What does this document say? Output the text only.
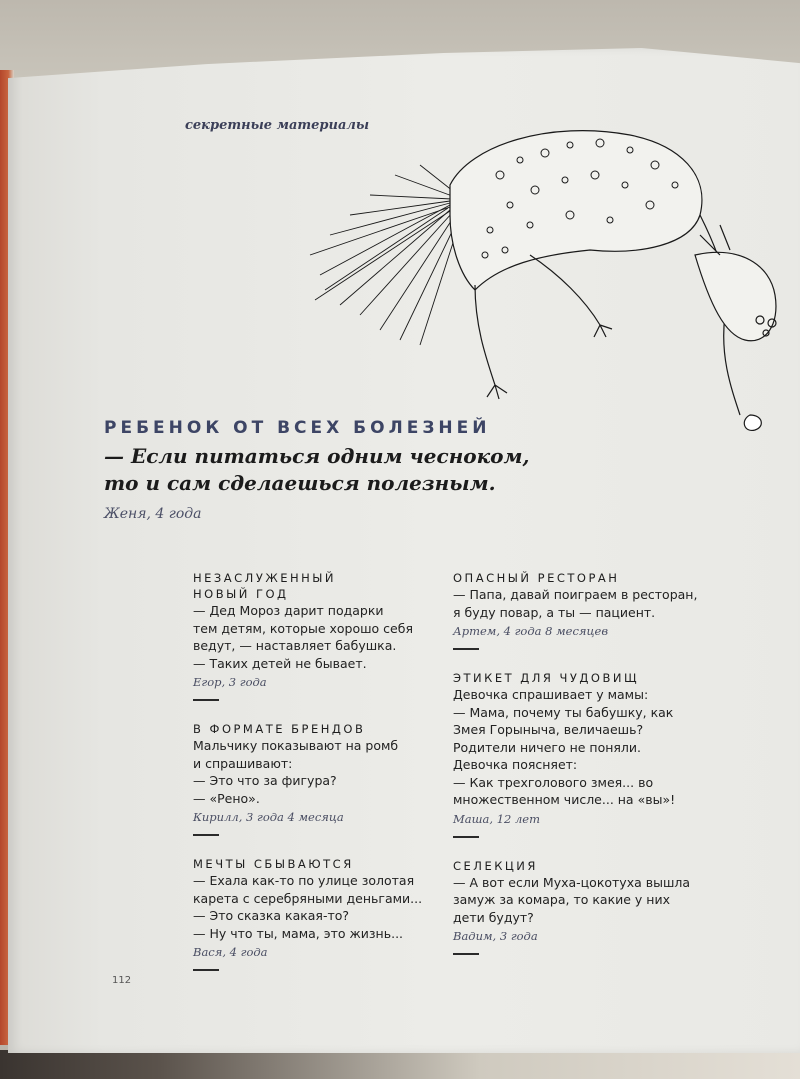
секретные материалы
РЕБЕНОК ОТ ВСЕХ БОЛЕЗНЕЙ
— Если питаться одним чесноком,
то и сам сделаешься полезным.
Женя, 4 года
НЕЗАСЛУЖЕННЫЙ
НОВЫЙ ГОД
— Дед Мороз дарит подарки
тем детям, которые хорошо себя
ведут, — наставляет бабушка.
— Таких детей не бывает.
Егор, 3 года
В ФОРМАТЕ БРЕНДОВ
Мальчику показывают на ромб
и спрашивают:
— Это что за фигура?
— «Рено».
Кирилл, 3 года 4 месяца
МЕЧТЫ СБЫВАЮТСЯ
— Ехала как-то по улице золотая
карета с серебряными деньгами...
— Это сказка какая-то?
— Ну что ты, мама, это жизнь...
Вася, 4 года
ОПАСНЫЙ РЕСТОРАН
— Папа, давай поиграем в ресторан,
я буду повар, а ты — пациент.
Артем, 4 года 8 месяцев
ЭТИКЕТ ДЛЯ ЧУДОВИЩ
Девочка спрашивает у мамы:
— Мама, почему ты бабушку, как
Змея Горыныча, величаешь?
Родители ничего не поняли.
Девочка поясняет:
— Как трехголового змея... во
множественном числе... на «вы»!
Маша, 12 лет
СЕЛЕКЦИЯ
— А вот если Муха-цокотуха вышла
замуж за комара, то какие у них
дети будут?
Вадим, 3 года
112
